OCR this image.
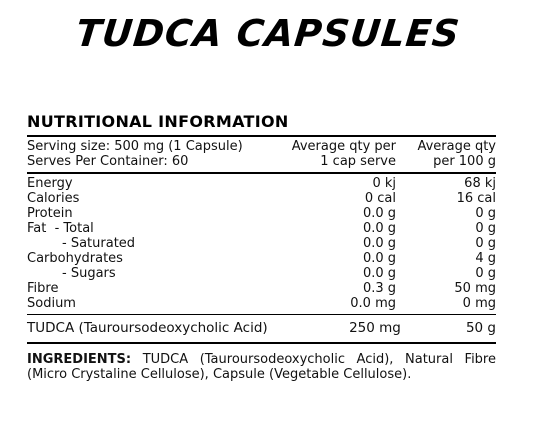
TUDCA CAPSULES
NUTRITIONAL INFORMATION
Serving size: 500 mg (1 Capsule)	Average qty per	Average qty
Serves Per Container: 60	1 cap serve	per 100 g
Energy	0 kj	68 kj
Calories	0 cal	16 cal
Protein	0.0 g	0 g
Fat  - Total	0.0 g	0 g
- Saturated	0.0 g	0 g
Carbohydrates	0.0 g	4 g
- Sugars	0.0 g	0 g
Fibre	0.3 g	50 mg
Sodium	0.0 mg	0 mg
TUDCA (Tauroursodeoxycholic Acid)	250 mg	50 g
INGREDIENTS: TUDCA (Tauroursodeoxycholic Acid), Natural Fibre (Micro Crystaline Cellulose), Capsule (Vegetable Cellulose).
